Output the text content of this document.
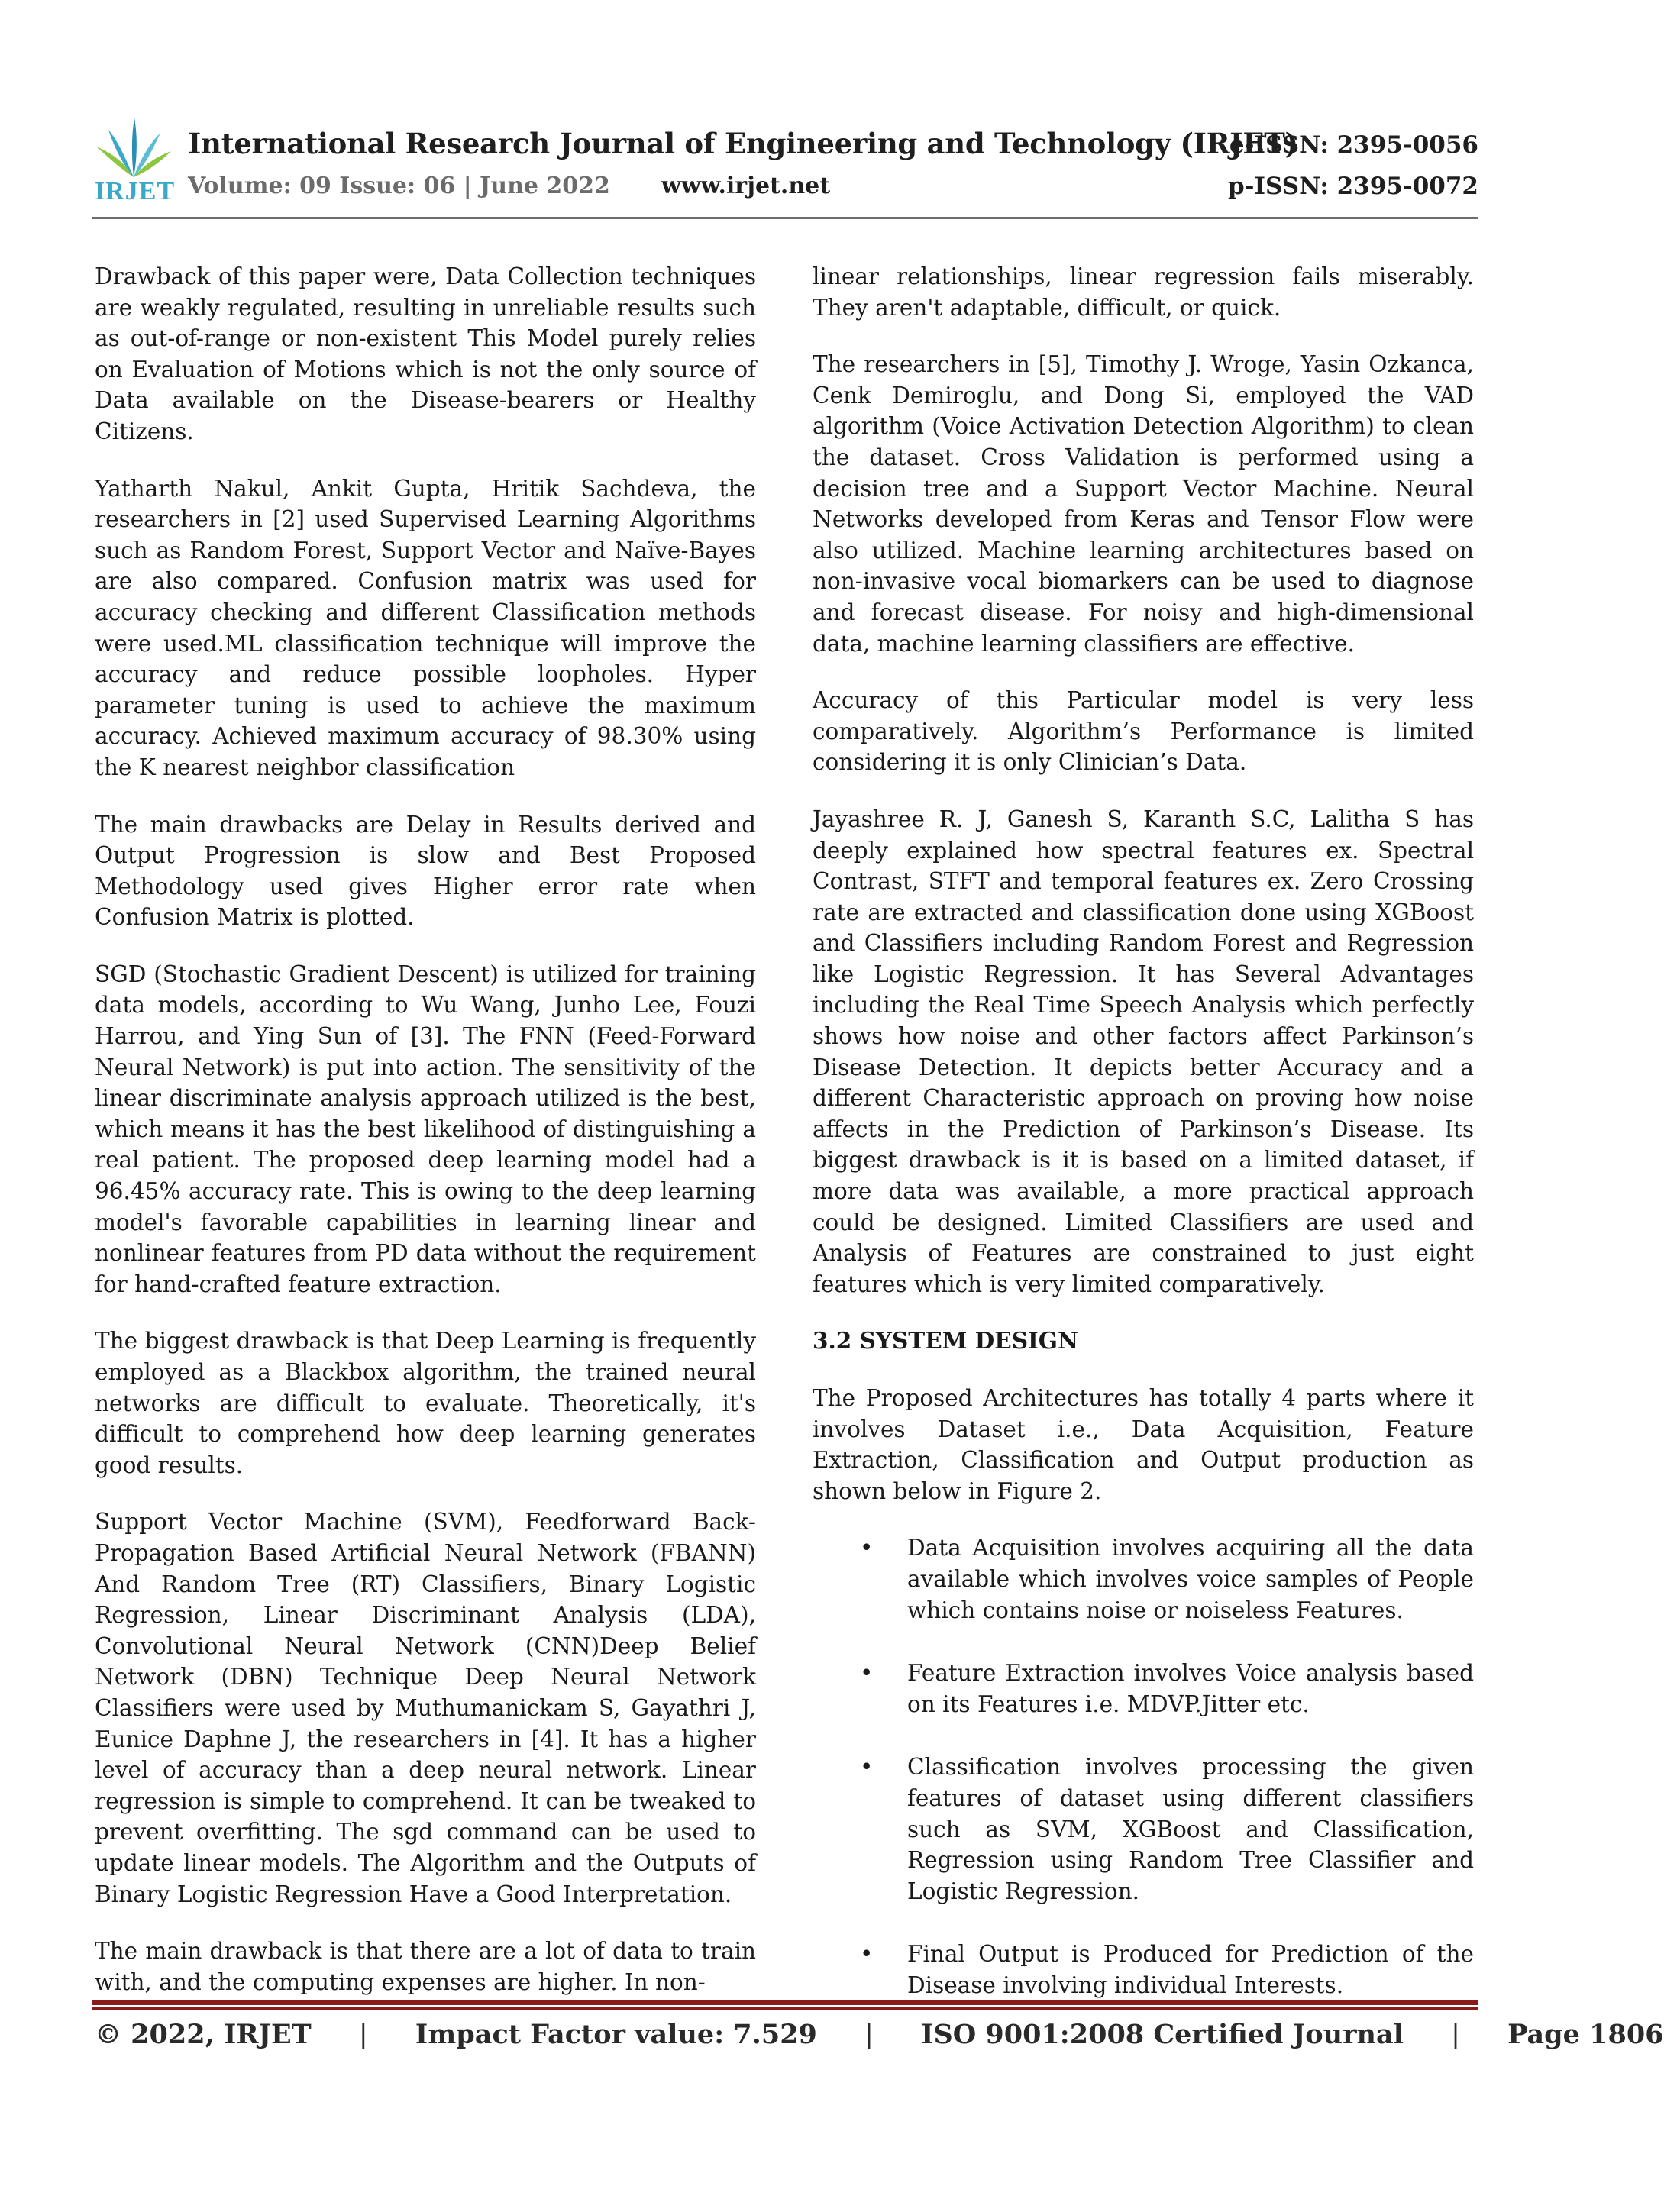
IRJET
International Research Journal of Engineering and Technology (IRJET)
Volume: 09 Issue: 06 | June 2022 www.irjet.net
e-ISSN: 2395-0056
p-ISSN: 2395-0072

Drawback of this paper were, Data Collection techniques are weakly regulated, resulting in unreliable results such as out-of-range or non-existent This Model purely relies on Evaluation of Motions which is not the only source of Data available on the Disease-bearers or Healthy Citizens.

Yatharth Nakul, Ankit Gupta, Hritik Sachdeva, the researchers in [2] used Supervised Learning Algorithms such as Random Forest, Support Vector and Naïve-Bayes are also compared. Confusion matrix was used for accuracy checking and different Classification methods were used.ML classification technique will improve the accuracy and reduce possible loopholes. Hyper parameter tuning is used to achieve the maximum accuracy. Achieved maximum accuracy of 98.30% using the K nearest neighbor classification

The main drawbacks are Delay in Results derived and Output Progression is slow and Best Proposed Methodology used gives Higher error rate when Confusion Matrix is plotted.

SGD (Stochastic Gradient Descent) is utilized for training data models, according to Wu Wang, Junho Lee, Fouzi Harrou, and Ying Sun of [3]. The FNN (Feed-Forward Neural Network) is put into action. The sensitivity of the linear discriminate analysis approach utilized is the best, which means it has the best likelihood of distinguishing a real patient. The proposed deep learning model had a 96.45% accuracy rate. This is owing to the deep learning model's favorable capabilities in learning linear and nonlinear features from PD data without the requirement for hand-crafted feature extraction.

The biggest drawback is that Deep Learning is frequently employed as a Blackbox algorithm, the trained neural networks are difficult to evaluate. Theoretically, it's difficult to comprehend how deep learning generates good results.

Support Vector Machine (SVM), Feedforward Back-Propagation Based Artificial Neural Network (FBANN) And Random Tree (RT) Classifiers, Binary Logistic Regression, Linear Discriminant Analysis (LDA), Convolutional Neural Network (CNN)Deep Belief Network (DBN) Technique Deep Neural Network Classifiers were used by Muthumanickam S, Gayathri J, Eunice Daphne J, the researchers in [4]. It has a higher level of accuracy than a deep neural network. Linear regression is simple to comprehend. It can be tweaked to prevent overfitting. The sgd command can be used to update linear models. The Algorithm and the Outputs of Binary Logistic Regression Have a Good Interpretation.

The main drawback is that there are a lot of data to train with, and the computing expenses are higher. In non-

linear relationships, linear regression fails miserably. They aren't adaptable, difficult, or quick.

The researchers in [5], Timothy J. Wroge, Yasin Ozkanca, Cenk Demiroglu, and Dong Si, employed the VAD algorithm (Voice Activation Detection Algorithm) to clean the dataset. Cross Validation is performed using a decision tree and a Support Vector Machine. Neural Networks developed from Keras and Tensor Flow were also utilized. Machine learning architectures based on non-invasive vocal biomarkers can be used to diagnose and forecast disease. For noisy and high-dimensional data, machine learning classifiers are effective.

Accuracy of this Particular model is very less comparatively. Algorithm’s Performance is limited considering it is only Clinician’s Data.

Jayashree R. J, Ganesh S, Karanth S.C, Lalitha S has deeply explained how spectral features ex. Spectral Contrast, STFT and temporal features ex. Zero Crossing rate are extracted and classification done using XGBoost and Classifiers including Random Forest and Regression like Logistic Regression. It has Several Advantages including the Real Time Speech Analysis which perfectly shows how noise and other factors affect Parkinson’s Disease Detection. It depicts better Accuracy and a different Characteristic approach on proving how noise affects in the Prediction of Parkinson’s Disease. Its biggest drawback is it is based on a limited dataset, if more data was available, a more practical approach could be designed. Limited Classifiers are used and Analysis of Features are constrained to just eight features which is very limited comparatively.

3.2 SYSTEM DESIGN

The Proposed Architectures has totally 4 parts where it involves Dataset i.e., Data Acquisition, Feature Extraction, Classification and Output production as shown below in Figure 2.

• Data Acquisition involves acquiring all the data available which involves voice samples of People which contains noise or noiseless Features.
• Feature Extraction involves Voice analysis based on its Features i.e. MDVP.Jitter etc.
• Classification involves processing the given features of dataset using different classifiers such as SVM, XGBoost and Classification, Regression using Random Tree Classifier and Logistic Regression.
• Final Output is Produced for Prediction of the Disease involving individual Interests.
© 2022, IRJET | Impact Factor value: 7.529 | ISO 9001:2008 Certified Journal | Page 1806
